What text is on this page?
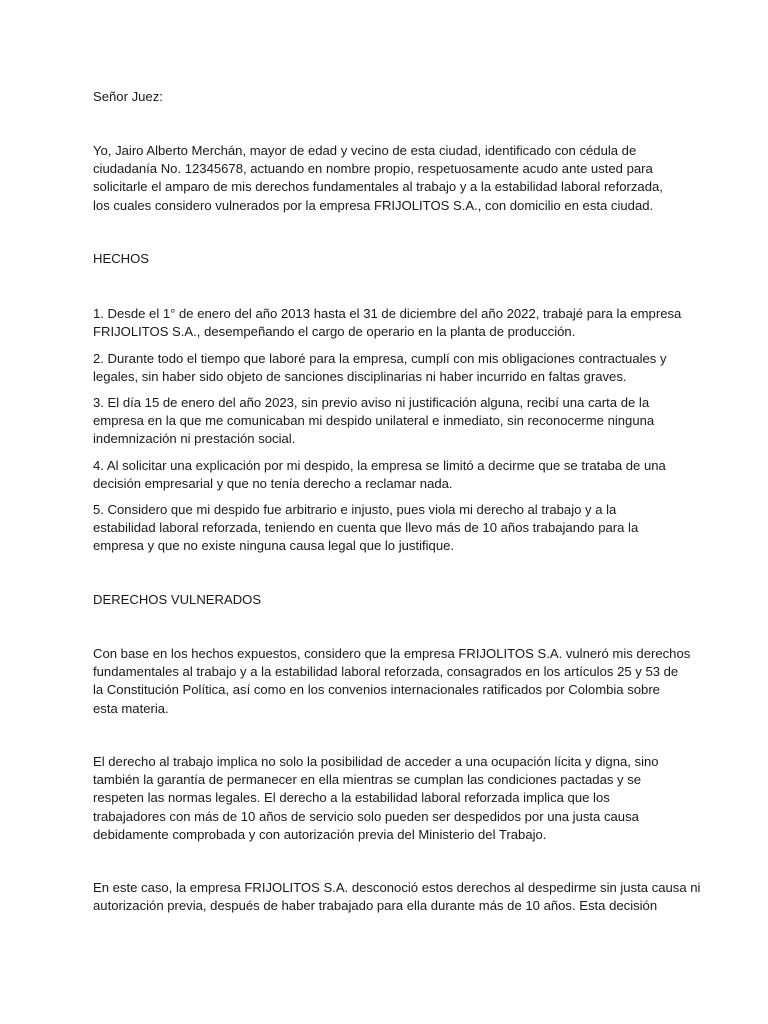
Señor Juez:

Yo, Jairo Alberto Merchán, mayor de edad y vecino de esta ciudad, identificado con cédula de
ciudadanía No. 12345678, actuando en nombre propio, respetuosamente acudo ante usted para
solicitarle el amparo de mis derechos fundamentales al trabajo y a la estabilidad laboral reforzada,
los cuales considero vulnerados por la empresa FRIJOLITOS S.A., con domicilio en esta ciudad.

HECHOS

1. Desde el 1° de enero del año 2013 hasta el 31 de diciembre del año 2022, trabajé para la empresa
FRIJOLITOS S.A., desempeñando el cargo de operario en la planta de producción.

2. Durante todo el tiempo que laboré para la empresa, cumplí con mis obligaciones contractuales y
legales, sin haber sido objeto de sanciones disciplinarias ni haber incurrido en faltas graves.

3. El día 15 de enero del año 2023, sin previo aviso ni justificación alguna, recibí una carta de la
empresa en la que me comunicaban mi despido unilateral e inmediato, sin reconocerme ninguna
indemnización ni prestación social.

4. Al solicitar una explicación por mi despido, la empresa se limitó a decirme que se trataba de una
decisión empresarial y que no tenía derecho a reclamar nada.

5. Considero que mi despido fue arbitrario e injusto, pues viola mi derecho al trabajo y a la
estabilidad laboral reforzada, teniendo en cuenta que llevo más de 10 años trabajando para la
empresa y que no existe ninguna causa legal que lo justifique.

DERECHOS VULNERADOS

Con base en los hechos expuestos, considero que la empresa FRIJOLITOS S.A. vulneró mis derechos
fundamentales al trabajo y a la estabilidad laboral reforzada, consagrados en los artículos 25 y 53 de
la Constitución Política, así como en los convenios internacionales ratificados por Colombia sobre
esta materia.

El derecho al trabajo implica no solo la posibilidad de acceder a una ocupación lícita y digna, sino
también la garantía de permanecer en ella mientras se cumplan las condiciones pactadas y se
respeten las normas legales. El derecho a la estabilidad laboral reforzada implica que los
trabajadores con más de 10 años de servicio solo pueden ser despedidos por una justa causa
debidamente comprobada y con autorización previa del Ministerio del Trabajo.

En este caso, la empresa FRIJOLITOS S.A. desconoció estos derechos al despedirme sin justa causa ni
autorización previa, después de haber trabajado para ella durante más de 10 años. Esta decisión
